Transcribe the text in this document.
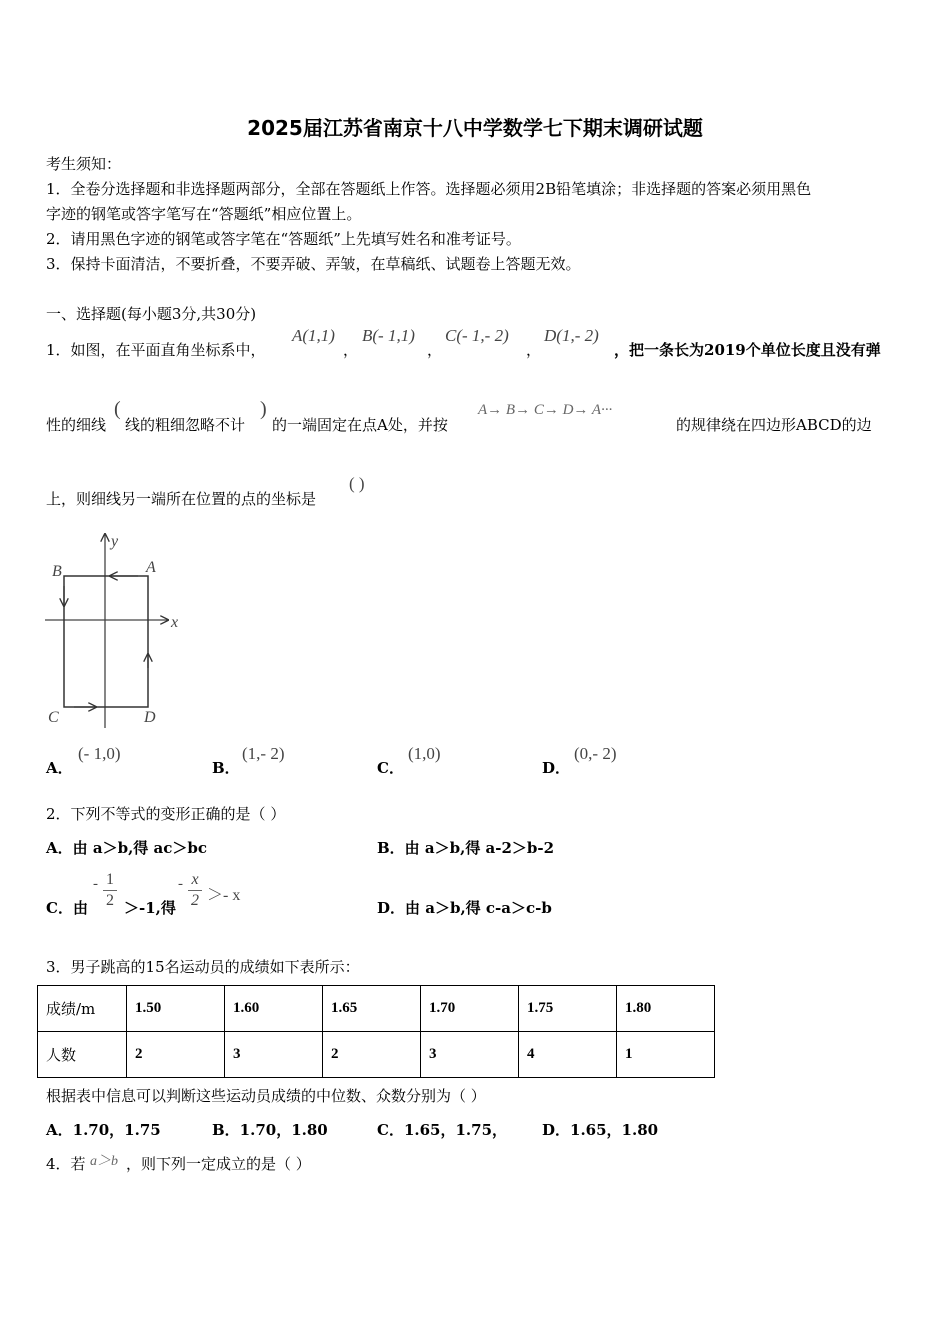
2025届江苏省南京十八中学数学七下期末调研试题
考生须知：
1．全卷分选择题和非选择题两部分，全部在答题纸上作答。选择题必须用2B铅笔填涂；非选择题的答案必须用黑色
字迹的钢笔或答字笔写在“答题纸”相应位置上。
2．请用黑色字迹的钢笔或答字笔在“答题纸”上先填写姓名和准考证号。
3．保持卡面清洁，不要折叠，不要弄破、弄皱，在草稿纸、试题卷上答题无效。
一、选择题(每小题3分,共30分)
1．如图，在平面直角坐标系中，
A(1,1)
，
B(- 1,1)
，
C(- 1,- 2)
，
D(1,- 2)
，把一条长为2019个单位长度且没有弹
性的细线
(
线的粗细忽略不计
)
的一端固定在点A处，并按
A→ B→ C→ D→ A···
的规律绕在四边形ABCD的边
上，则细线另一端所在位置的点的坐标是
( )
y
x
A
B
C	D
A．
(- 1,0)
B．
(1,- 2)
C．
(1,0)
D．
(0,- 2)
2．下列不等式的变形正确的是（ ）
A．由 a＞b,得 ac＞bc	B．由 a＞b,得 a-2＞b-2
C．由
- $\frac{1}{2} >-1$,得
- $\frac{x}{2} >- x$
D．由 a＞b,得 c-a＞c-b
3．男子跳高的15名运动员的成绩如下表所示：
成绩/m	1.50	1.60	1.65	1.70	1.75	1.80
人数	2	3	2	3	4	1
根据表中信息可以判断这些运动员成绩的中位数、众数分别为（ ）
A．1.70，1.75	B．1.70，1.80	C．1.65，1.75， D．1.65，1.80
4．若 a＞b ，则下列一定成立的是（ ）
